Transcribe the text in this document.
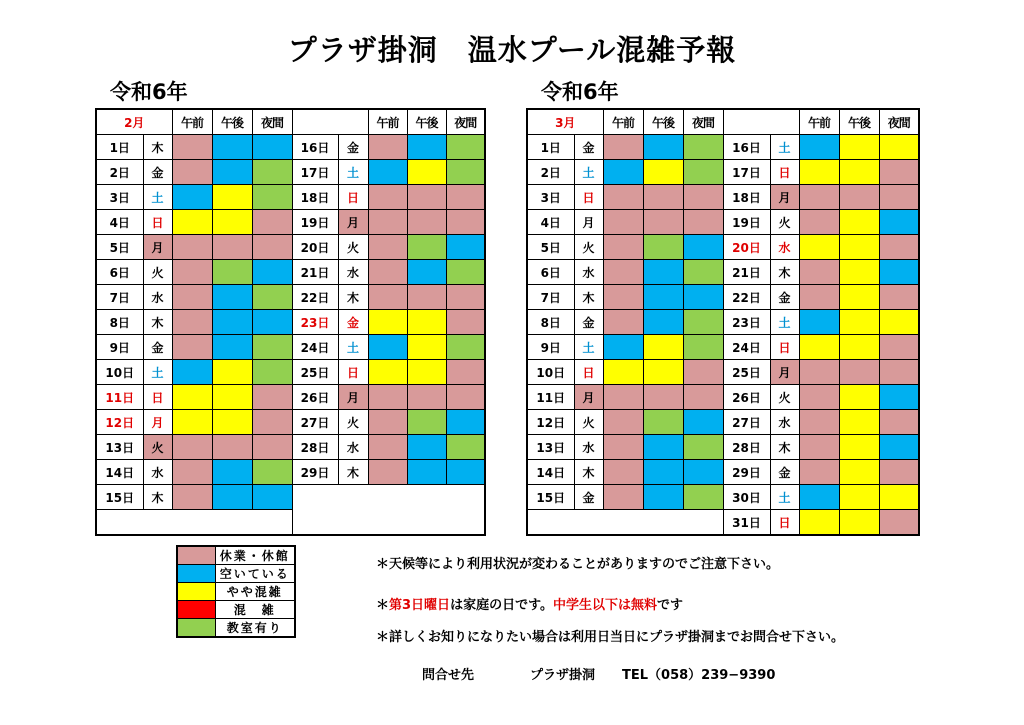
プラザ掛洞　温水プール混雑予報
令和6年	令和6年
2月		午前	午後	夜間			午前	午後	夜間
1日	木				16日	金			
2日	金				17日	土			
3日	土				18日	日			
4日	日				19日	月			
5日	月				20日	火			
6日	火				21日	水			
7日	水				22日	木			
8日	木				23日	金			
9日	金				24日	土			
10日	土				25日	日			
11日	日				26日	月			
12日	月				27日	火			
13日	火				28日	水			
14日	水				29日	木			
15日	木								

3月		午前	午後	夜間			午前	午後	夜間
1日	金				16日	土			
2日	土				17日	日			
3日	日				18日	月			
4日	月				19日	火			
5日	火				20日	水			
6日	水				21日	木			
7日	木				22日	金			
8日	金				23日	土			
9日	土				24日	日			
10日	日				25日	月			
11日	月				26日	火			
12日	火				27日	水			
13日	水				28日	木			
14日	木				29日	金			
15日	金				30日	土			
					31日	日			
	休業・休館
	空いている
	やや混雑
	混　雑
	教室有り
＊天候等により利用状況が変わることがありますのでご注意下さい。
＊第3日曜日は家庭の日です。中学生以下は無料です
＊詳しくお知りになりたい場合は利用日当日にプラザ掛洞までお問合せ下さい。
問合せ先	プラザ掛洞 TEL（058）239−9390
